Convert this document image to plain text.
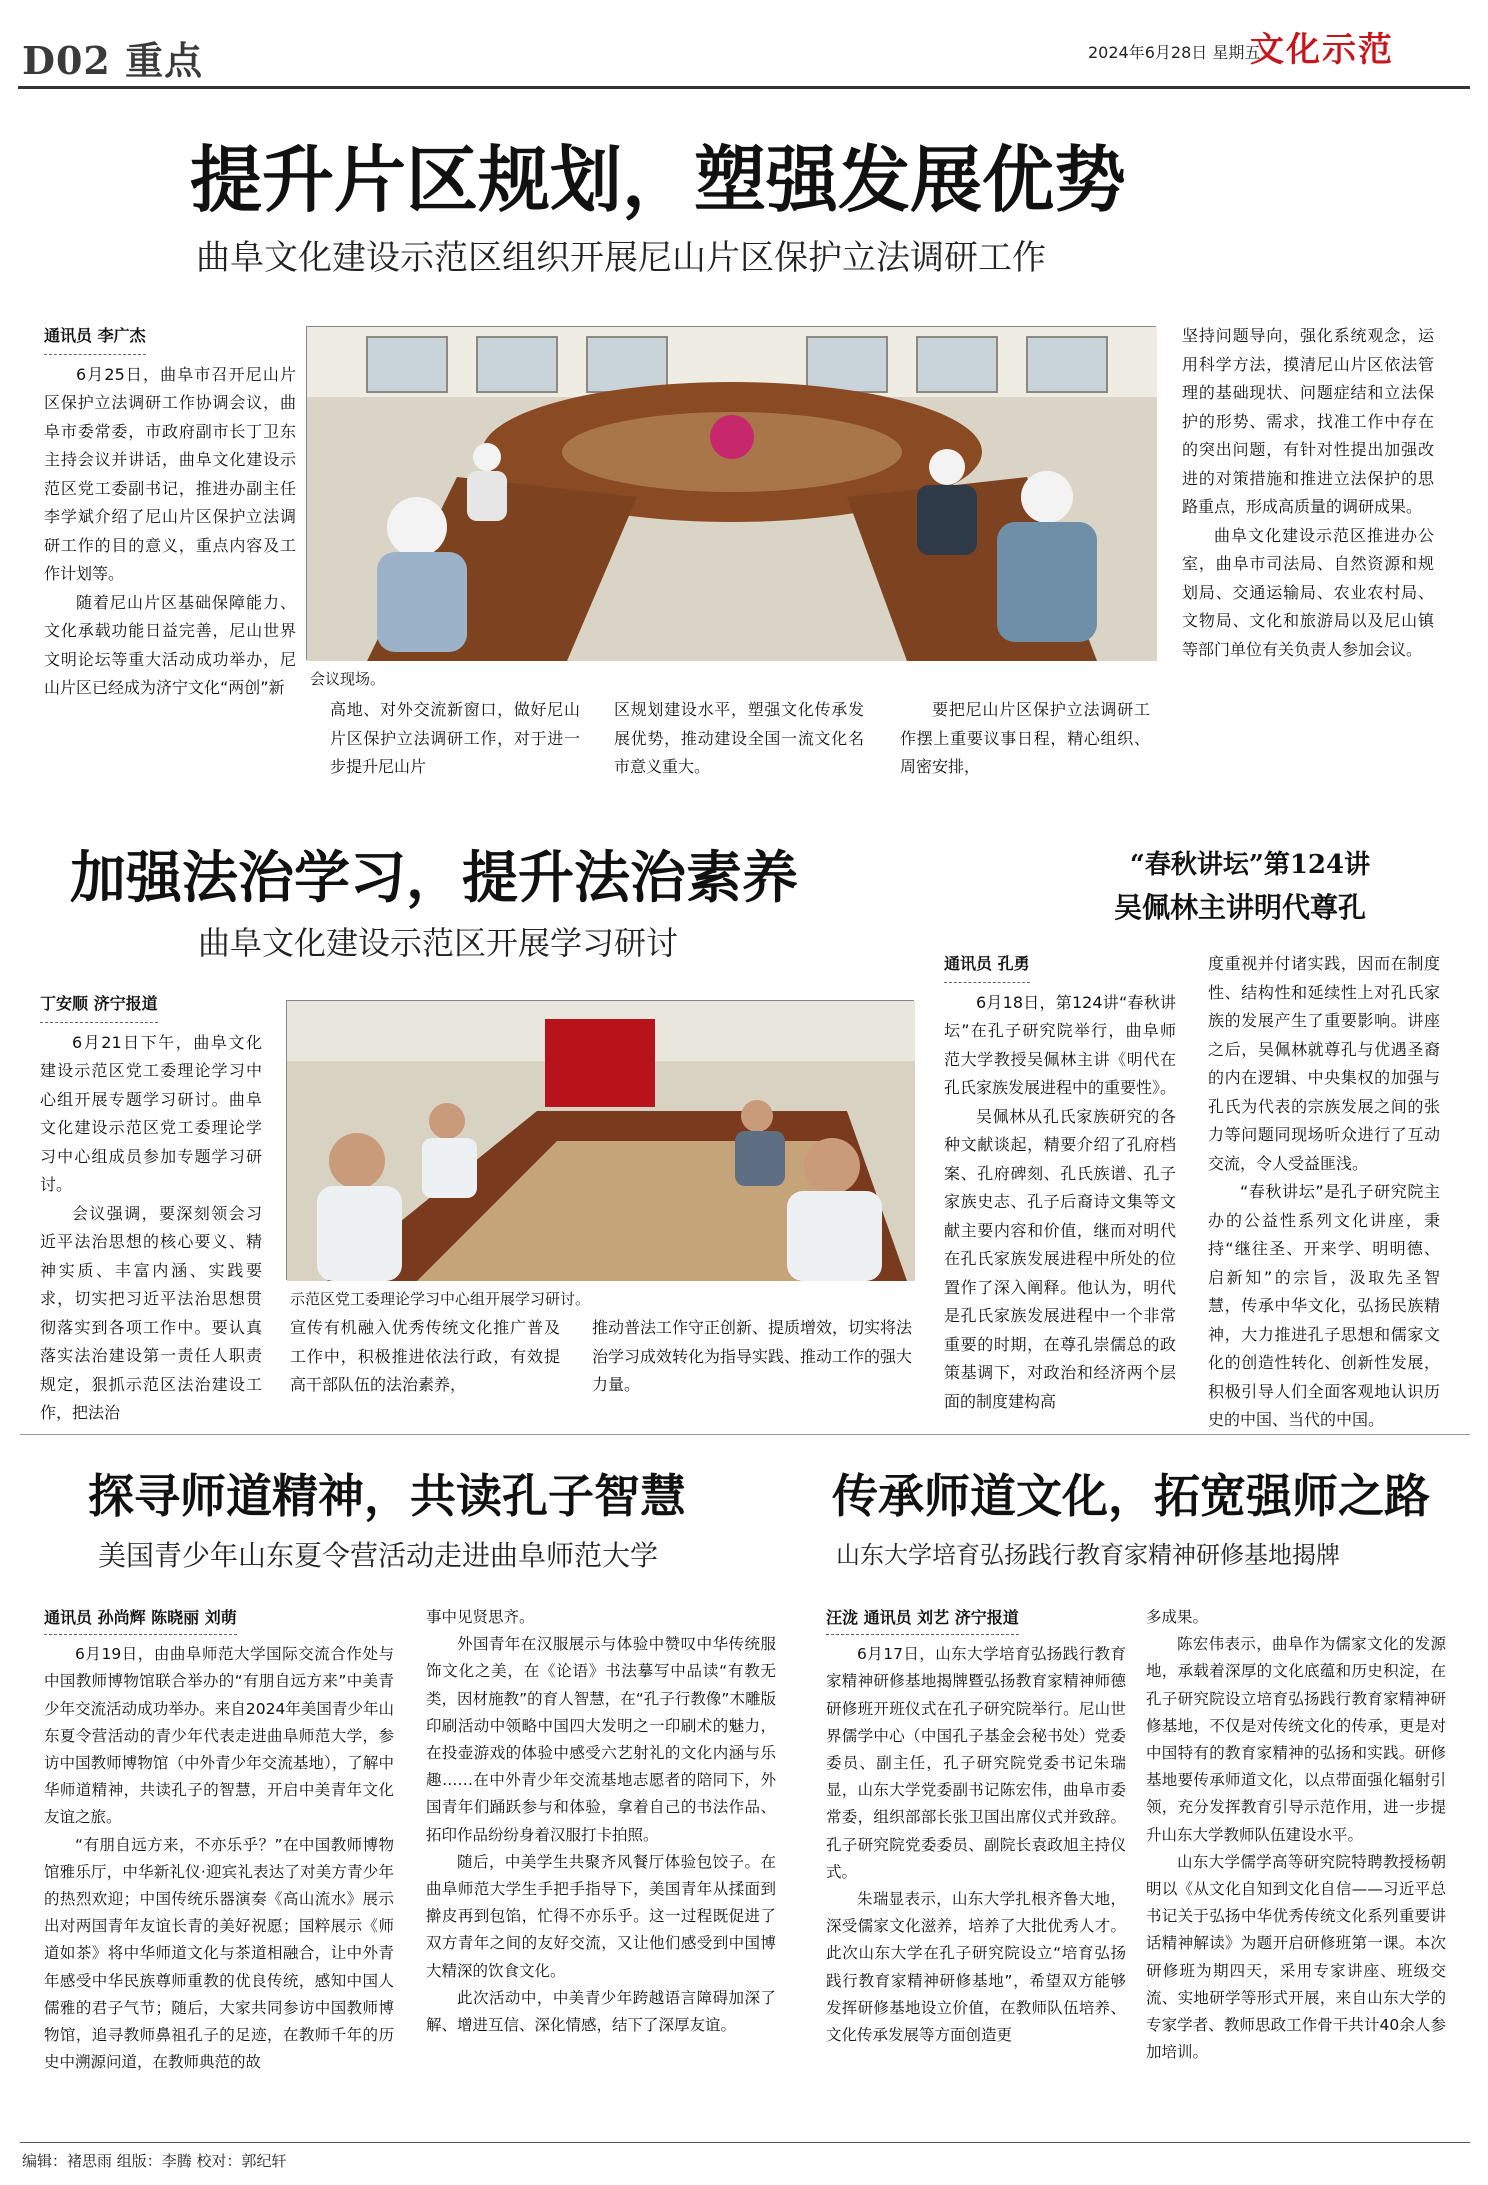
D02 重点	2024年6月28日 星期五
文化示范
提升片区规划，塑强发展优势
曲阜文化建设示范区组织开展尼山片区保护立法调研工作
通讯员 李广杰

6月25日，曲阜市召开尼山片区保护立法调研工作协调会议，曲阜市委常委，市政府副市长丁卫东主持会议并讲话，曲阜文化建设示范区党工委副书记，推进办副主任李学斌介绍了尼山片区保护立法调研工作的目的意义，重点内容及工作计划等。

随着尼山片区基础保障能力、文化承载功能日益完善，尼山世界文明论坛等重大活动成功举办，尼山片区已经成为济宁文化“两创”新	会议现场。

高地、对外交流新窗口，做好尼山片区保护立法调研工作，对于进一步提升尼山片

区规划建设水平，塑强文化传承发展优势，推动建设全国一流文化名市意义重大。

要把尼山片区保护立法调研工作摆上重要议事日程，精心组织、周密安排，

坚持问题导向，强化系统观念，运用科学方法，摸清尼山片区依法管理的基础现状、问题症结和立法保护的形势、需求，找准工作中存在的突出问题，有针对性提出加强改进的对策措施和推进立法保护的思路重点，形成高质量的调研成果。

曲阜文化建设示范区推进办公室，曲阜市司法局、自然资源和规划局、交通运输局、农业农村局、文物局、文化和旅游局以及尼山镇等部门单位有关负责人参加会议。

加强法治学习，提升法治素养
曲阜文化建设示范区开展学习研讨
丁安顺 济宁报道

6月21日下午，曲阜文化建设示范区党工委理论学习中心组开展专题学习研讨。曲阜文化建设示范区党工委理论学习中心组成员参加专题学习研讨。

会议强调，要深刻领会习近平法治思想的核心要义、精神实质、丰富内涵、实践要求，切实把习近平法治思想贯彻落实到各项工作中。要认真落实法治建设第一责任人职责规定，狠抓示范区法治建设工作，把法治

示范区党工委理论学习中心组开展学习研讨。

宣传有机融入优秀传统文化推广普及工作中，积极推进依法行政，有效提高干部队伍的法治素养，

推动普法工作守正创新、提质增效，切实将法治学习成效转化为指导实践、推动工作的强大力量。

“春秋讲坛”第124讲
吴佩林主讲明代尊孔
通讯员 孔勇

6月18日，第124讲“春秋讲坛”在孔子研究院举行，曲阜师范大学教授吴佩林主讲《明代在孔氏家族发展进程中的重要性》。

吴佩林从孔氏家族研究的各种文献谈起，精要介绍了孔府档案、孔府碑刻、孔氏族谱、孔子家族史志、孔子后裔诗文集等文献主要内容和价值，继而对明代在孔氏家族发展进程中所处的位置作了深入阐释。他认为，明代是孔氏家族发展进程中一个非常重要的时期，在尊孔崇儒总的政策基调下，对政治和经济两个层面的制度建构高

度重视并付诸实践，因而在制度性、结构性和延续性上对孔氏家族的发展产生了重要影响。讲座之后，吴佩林就尊孔与优遇圣裔的内在逻辑、中央集权的加强与孔氏为代表的宗族发展之间的张力等问题同现场听众进行了互动交流，令人受益匪浅。

“春秋讲坛”是孔子研究院主办的公益性系列文化讲座，秉持“继往圣、开来学、明明德、启新知”的宗旨，汲取先圣智慧，传承中华文化，弘扬民族精神，大力推进孔子思想和儒家文化的创造性转化、创新性发展，积极引导人们全面客观地认识历史的中国、当代的中国。

探寻师道精神，共读孔子智慧
美国青少年山东夏令营活动走进曲阜师范大学
通讯员 孙尚辉 陈晓丽 刘萌

6月19日，由曲阜师范大学国际交流合作处与中国教师博物馆联合举办的“有朋自远方来”中美青少年交流活动成功举办。来自2024年美国青少年山东夏令营活动的青少年代表走进曲阜师范大学，参访中国教师博物馆（中外青少年交流基地），了解中华师道精神，共读孔子的智慧，开启中美青年文化友谊之旅。

“有朋自远方来，不亦乐乎？”在中国教师博物馆雅乐厅，中华新礼仪·迎宾礼表达了对美方青少年的热烈欢迎；中国传统乐器演奏《高山流水》展示出对两国青年友谊长青的美好祝愿；国粹展示《师道如茶》将中华师道文化与茶道相融合，让中外青年感受中华民族尊师重教的优良传统，感知中国人儒雅的君子气节；随后，大家共同参访中国教师博物馆，追寻教师鼻祖孔子的足迹，在教师千年的历史中溯源问道，在教师典范的故

事中见贤思齐。

外国青年在汉服展示与体验中赞叹中华传统服饰文化之美，在《论语》书法摹写中品读“有教无类，因材施教”的育人智慧，在“孔子行教像”木雕版印刷活动中领略中国四大发明之一印刷术的魅力，在投壶游戏的体验中感受六艺射礼的文化内涵与乐趣……在中外青少年交流基地志愿者的陪同下，外国青年们踊跃参与和体验，拿着自己的书法作品、拓印作品纷纷身着汉服打卡拍照。

随后，中美学生共聚齐风餐厅体验包饺子。在曲阜师范大学生手把手指导下，美国青年从揉面到擀皮再到包馅，忙得不亦乐乎。这一过程既促进了双方青年之间的友好交流，又让他们感受到中国博大精深的饮食文化。

此次活动中，中美青少年跨越语言障碍加深了解、增进互信、深化情感，结下了深厚友谊。

传承师道文化，拓宽强师之路
山东大学培育弘扬践行教育家精神研修基地揭牌
汪泷 通讯员 刘艺 济宁报道

6月17日，山东大学培育弘扬践行教育家精神研修基地揭牌暨弘扬教育家精神师德研修班开班仪式在孔子研究院举行。尼山世界儒学中心（中国孔子基金会秘书处）党委委员、副主任，孔子研究院党委书记朱瑞显，山东大学党委副书记陈宏伟，曲阜市委常委，组织部部长张卫国出席仪式并致辞。孔子研究院党委委员、副院长袁政旭主持仪式。

朱瑞显表示，山东大学扎根齐鲁大地，深受儒家文化滋养，培养了大批优秀人才。此次山东大学在孔子研究院设立“培育弘扬践行教育家精神研修基地”，希望双方能够发挥研修基地设立价值，在教师队伍培养、文化传承发展等方面创造更

多成果。

陈宏伟表示，曲阜作为儒家文化的发源地，承载着深厚的文化底蕴和历史积淀，在孔子研究院设立培育弘扬践行教育家精神研修基地，不仅是对传统文化的传承，更是对中国特有的教育家精神的弘扬和实践。研修基地要传承师道文化，以点带面强化辐射引领，充分发挥教育引导示范作用，进一步提升山东大学教师队伍建设水平。

山东大学儒学高等研究院特聘教授杨朝明以《从文化自知到文化自信——习近平总书记关于弘扬中华优秀传统文化系列重要讲话精神解读》为题开启研修班第一课。本次研修班为期四天，采用专家讲座、班级交流、实地研学等形式开展，来自山东大学的专家学者、教师思政工作骨干共计40余人参加培训。

编辑：褚思雨 组版：李腾 校对：郭纪轩
